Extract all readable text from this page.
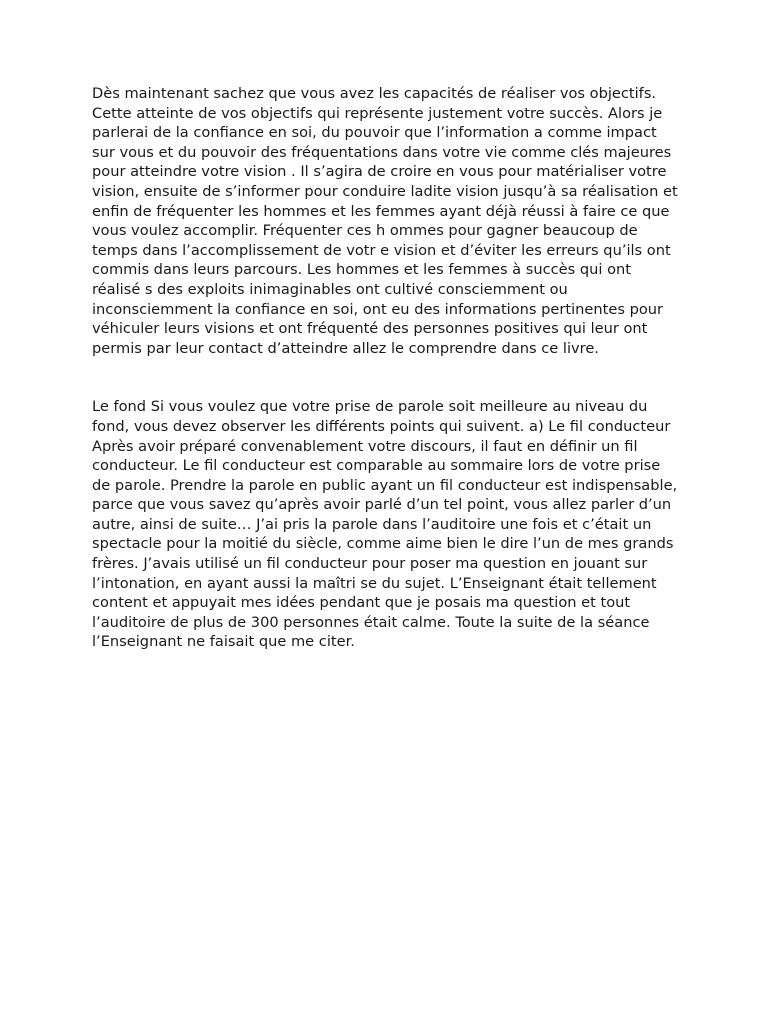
Dès maintenant sachez que vous avez les capacités de réaliser vos objectifs. Cette atteinte de vos objectifs qui représente justement votre succès. Alors je parlerai de la confiance en soi, du pouvoir que l’information a comme impact sur vous et du pouvoir des fréquentations dans votre vie comme clés majeures pour atteindre votre vision . Il s’agira de croire en vous pour matérialiser votre vision, ensuite de s’informer pour conduire ladite vision jusqu’à sa réalisation et enfin de fréquenter les hommes et les femmes ayant déjà réussi à faire ce que vous voulez accomplir. Fréquenter ces h ommes pour gagner beaucoup de temps dans l’accomplissement de votr e vision et d’éviter les erreurs qu’ils ont commis dans leurs parcours. Les hommes et les femmes à succès qui ont réalisé s des exploits inimaginables ont cultivé consciemment ou inconsciemment la confiance en soi, ont eu des informations pertinentes pour véhiculer leurs visions et ont fréquenté des personnes positives qui leur ont permis par leur contact d’atteindre allez le comprendre dans ce livre.

Le fond Si vous voulez que votre prise de parole soit meilleure au niveau du fond, vous devez observer les différents points qui suivent. a) Le fil conducteur Après avoir préparé convenablement votre discours, il faut en définir un fil conducteur. Le fil conducteur est comparable au sommaire lors de votre prise de parole. Prendre la parole en public ayant un fil conducteur est indispensable, parce que vous savez qu’après avoir parlé d’un tel point, vous allez parler d’un autre, ainsi de suite… J’ai pris la parole dans l’auditoire une fois et c’était un spectacle pour la moitié du siècle, comme aime bien le dire l’un de mes grands frères. J’avais utilisé un fil conducteur pour poser ma question en jouant sur l’intonation, en ayant aussi la maîtri se du sujet. L’Enseignant était tellement content et appuyait mes idées pendant que je posais ma question et tout l’auditoire de plus de 300 personnes était calme. Toute la suite de la séance l’Enseignant ne faisait que me citer.
